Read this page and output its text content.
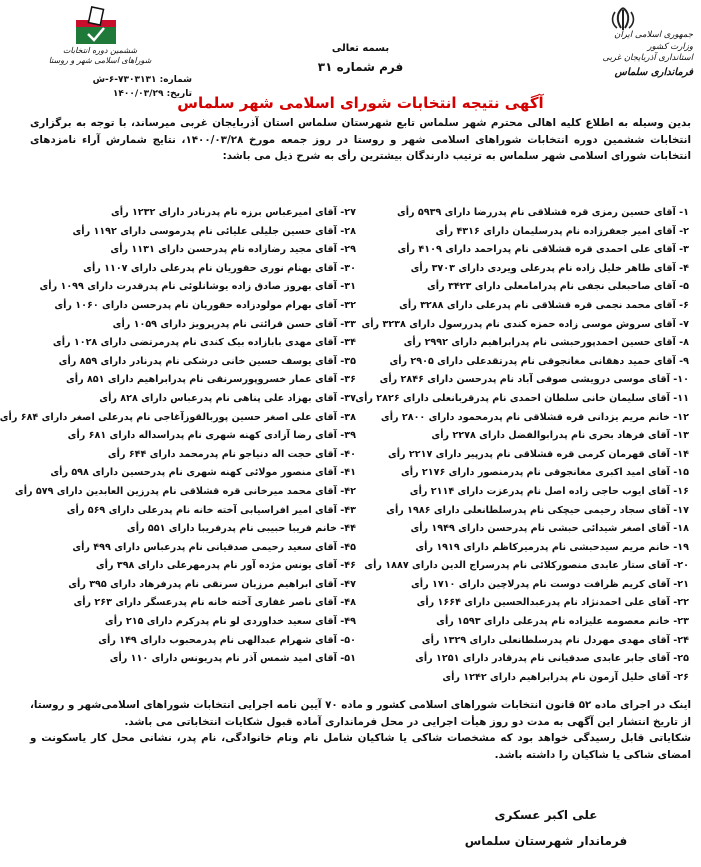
جمهوری اسلامی ایران
وزارت کشور
استانداری آذربایجان غربی
فرمانداری سلماس
ششمین دوره انتخابات
شوراهای اسلامی شهر و روستا
بسمه تعالی
فرم شماره ۳۱
شماره: ۷۳۰۳۱۳۱-۶-ش
تاریخ: ۱۴۰۰/۰۳/۲۹
آگهی نتیجه انتخابات شورای اسلامی شهر سلماس
بدین وسیله به اطلاع کلیه اهالی محترم شهر سلماس تابع شهرستان سلماس استان آذربایجان غربی میرساند، با توجه به برگزاری انتخابات ششمین دوره انتخابات شوراهای اسلامی شهر و روستا در روز جمعه مورخ ۱۴۰۰/۰۳/۲۸، نتایج شمارش آراء نامزدهای انتخابات شورای اسلامی شهر سلماس به ترتیب دارندگان بیشترین رأی به شرح ذیل می باشد:
۱- آقای حسین رمزی قره قشلاقی نام پدررضا دارای ۵۹۳۹ رأی
۲- آقای امیر جعفرزاده نام پدرسلیمان دارای ۴۳۱۶ رأی
۳- آقای علی احمدی قره قشلاقی نام پدراحمد دارای ۴۱۰۹ رأی
۴- آقای طاهر خلیل زاده نام پدرعلی ویردی دارای ۳۷۰۳ رأی
۵- آقای صاحبعلی نجفی نام پدرامامعلی دارای ۳۴۲۳ رأی
۶- آقای محمد نجمی قره قشلاقی نام پدرعلی دارای ۳۲۸۸ رأی
۷- آقای سروش موسی زاده حمزه کندی نام پدررسول دارای ۳۲۳۸ رأی
۸- آقای حسین احمدپورحبشی نام پدرابراهیم دارای ۲۹۹۲ رأی
۹- آقای حمید دهقانی مغانجوقی نام پدرتقدعلی دارای ۲۹۰۵ رأی
۱۰- آقای موسی درویشی صوفی آباد نام پدرحسن دارای ۲۸۴۶ رأی
۱۱- آقای سلیمان خانی سلطان احمدی نام پدرقربانعلی دارای ۲۸۲۶ رأی
۱۲- خانم مریم یزدانی قره قشلاقی نام پدرمحمود دارای ۲۸۰۰ رأی
۱۳- آقای فرهاد بحری نام پدرابوالفضل دارای ۲۲۷۸ رأی
۱۴- آقای قهرمان کرمی قره قشلاقی نام پدرپیر دارای ۲۲۱۷ رأی
۱۵- آقای امید اکبری مغانجوقی نام پدرمنصور دارای ۲۱۷۶ رأی
۱۶- آقای ایوب حاجی زاده اصل نام پدرعزت دارای ۲۱۱۴ رأی
۱۷- آقای سجاد رحیمی حیچکی نام پدرسلطانعلی دارای ۱۹۸۶ رأی
۱۸- آقای اصغر شیدائی حبشی نام پدرحسن دارای ۱۹۴۹ رأی
۱۹- خانم مریم سیدحبشی نام پدرمیرکاظم دارای ۱۹۱۹ رأی
۲۰- آقای ستار عابدی منصورکلائی نام پدرسراج الدین دارای ۱۸۸۷ رأی
۲۱- آقای کریم ظرافت دوست نام پدرلاچین دارای ۱۷۱۰ رأی
۲۲- آقای علی احمدنژاد نام پدرعبدالحسین دارای ۱۶۶۴ رأی
۲۳- خانم معصومه علیزاده نام پدرعلی دارای ۱۵۹۳ رأی
۲۴- آقای مهدی مهردل نام پدرسلطانعلی دارای ۱۳۲۹ رأی
۲۵- آقای جابر عابدی صدقیانی نام پدرقادر دارای ۱۲۵۱ رأی
۲۶- آقای خلیل آزمون نام پدرابراهیم دارای ۱۲۴۲ رأی
۲۷- آقای امیرعباس برزه نام پدرنادر دارای ۱۲۳۲ رأی
۲۸- آقای حسین جلیلی علیائی نام پدرموسی دارای ۱۱۹۲ رأی
۲۹- آقای مجید رضازاده نام پدرحسن دارای ۱۱۳۱ رأی
۳۰- آقای بهنام نوری حقوریان نام پدرعلی دارای ۱۱۰۷ رأی
۳۱- آقای بهروز صادق زاده یوشانلوئی نام پدرقدرت دارای ۱۰۹۹ رأی
۳۲- آقای بهرام مولودزاده حقوریان نام پدرحسن دارای ۱۰۶۰ رأی
۳۳- آقای حسن قرائتی نام پدرپرویز دارای ۱۰۵۹ رأی
۳۴- آقای مهدی بابازاده بیک کندی نام پدرمرتضی دارای ۱۰۲۸ رأی
۳۵- آقای یوسف حسین خانی درشکی نام پدرنادر دارای ۸۵۹ رأی
۳۶- آقای عمار خسروپورسرنقی نام پدرابراهیم دارای ۸۵۱ رأی
۳۷- آقای بهزاد علی پناهی نام پدرعباس دارای ۸۲۸ رأی
۳۸- آقای علی اصغر حسین پوربالقوزآغاجی نام پدرعلی اصغر دارای ۶۸۴ رأی
۳۹- آقای رضا آزادی کهنه شهری نام پدراسداله دارای ۶۸۱ رأی
۴۰- آقای حجت اله دنیاجو نام پدرمحمد دارای ۶۴۴ رأی
۴۱- آقای منصور مولائی کهنه شهری نام پدرحسین دارای ۵۹۸ رأی
۴۲- آقای محمد میرخانی قره قشلاقی نام پدرزین العابدین دارای ۵۷۹ رأی
۴۳- آقای امیر افراسیابی آخته خانه نام پدرعلی دارای ۵۶۹ رأی
۴۴- خانم فریبا حبیبی نام پدرفریبا دارای ۵۵۱ رأی
۴۵- آقای سعید رحیمی صدقیانی نام پدرعباس دارای ۴۹۹ رأی
۴۶- آقای یونس مژده آور نام پدرمهرعلی دارای ۳۹۸ رأی
۴۷- آقای ابراهیم مرزبان سرنقی نام پدرفرهاد دارای ۳۹۵ رأی
۴۸- آقای ناصر غفاری آخته خانه نام پدرعسگر دارای ۲۶۳ رأی
۴۹- آقای سعید خداوردی لو نام پدرکرم دارای ۲۱۵ رأی
۵۰- آقای شهرام عبدالهی نام پدرمحبوب دارای ۱۴۹ رأی
۵۱- آقای امید شمس آذر نام پدریونس دارای ۱۱۰ رأی
اینک در اجرای ماده ۵۲ قانون انتخابات شوراهای اسلامی کشور و ماده ۷۰ آیین نامه اجرایی انتخابات شوراهای اسلامی‌شهر و روستا، از تاریخ انتشار این آگهی به مدت دو روز هیأت اجرایی در محل فرمانداری آماده قبول شکایات انتخاباتی می باشد.
شکایاتی قابل رسیدگی خواهد بود که مشخصات شاکی یا شاکیان شامل نام ونام خانوادگی، نام پدر، نشانی محل کار یاسکونت و امضای شاکی یا شاکیان را داشته باشد.
علی اکبر عسکری
فرماندار شهرستان سلماس
